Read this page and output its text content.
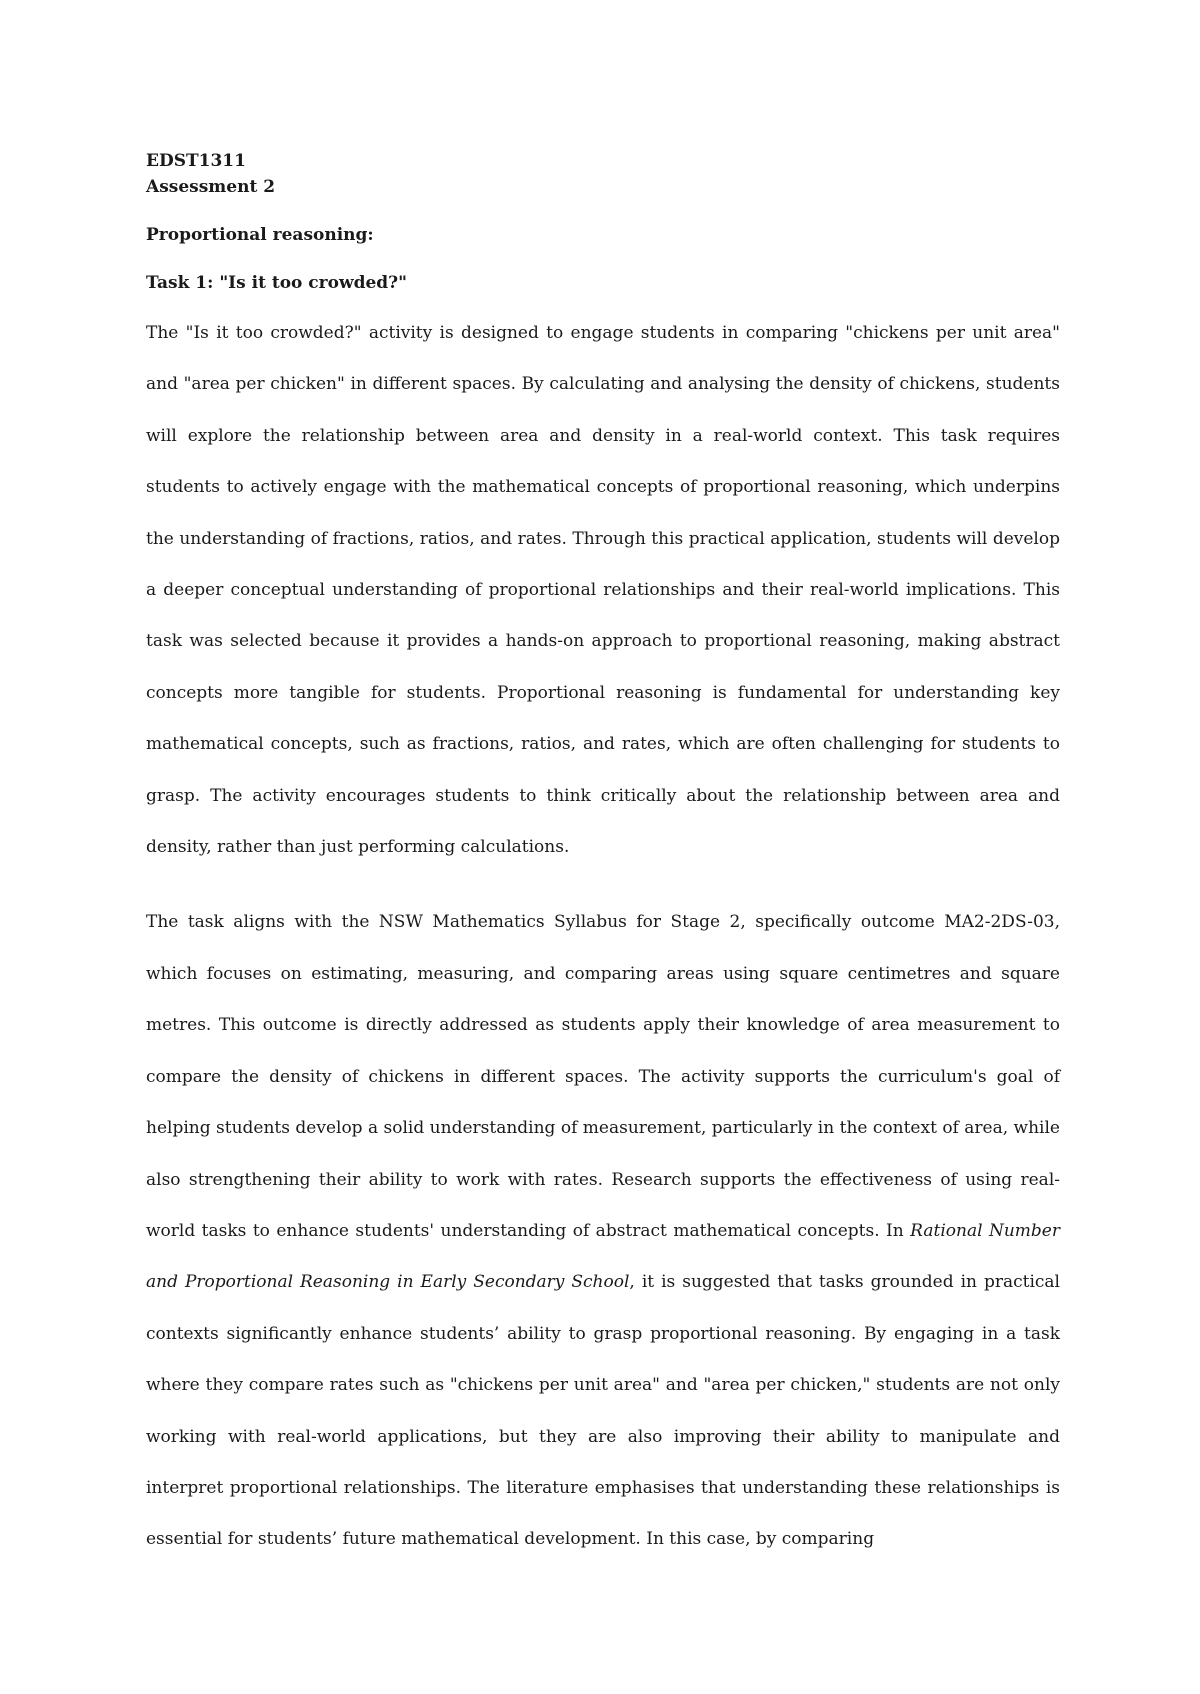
EDST1311

Assessment 2

Proportional reasoning:

Task 1: "Is it too crowded?"

The "Is it too crowded?" activity is designed to engage students in comparing "chickens per unit area" and "area per chicken" in different spaces. By calculating and analysing the density of chickens, students will explore the relationship between area and density in a real-world context. This task requires students to actively engage with the mathematical concepts of proportional reasoning, which underpins the understanding of fractions, ratios, and rates. Through this practical application, students will develop a deeper conceptual understanding of proportional relationships and their real-world implications. This task was selected because it provides a hands-on approach to proportional reasoning, making abstract concepts more tangible for students. Proportional reasoning is fundamental for understanding key mathematical concepts, such as fractions, ratios, and rates, which are often challenging for students to grasp. The activity encourages students to think critically about the relationship between area and density, rather than just performing calculations.

The task aligns with the NSW Mathematics Syllabus for Stage 2, specifically outcome MA2-2DS-03, which focuses on estimating, measuring, and comparing areas using square centimetres and square metres. This outcome is directly addressed as students apply their knowledge of area measurement to compare the density of chickens in different spaces. The activity supports the curriculum's goal of helping students develop a solid understanding of measurement, particularly in the context of area, while also strengthening their ability to work with rates. Research supports the effectiveness of using real-world tasks to enhance students' understanding of abstract mathematical concepts. In Rational Number and Proportional Reasoning in Early Secondary School, it is suggested that tasks grounded in practical contexts significantly enhance students’ ability to grasp proportional reasoning. By engaging in a task where they compare rates such as "chickens per unit area" and "area per chicken," students are not only working with real-world applications, but they are also improving their ability to manipulate and interpret proportional relationships. The literature emphasises that understanding these relationships is essential for students’ future mathematical development. In this case, by comparing
